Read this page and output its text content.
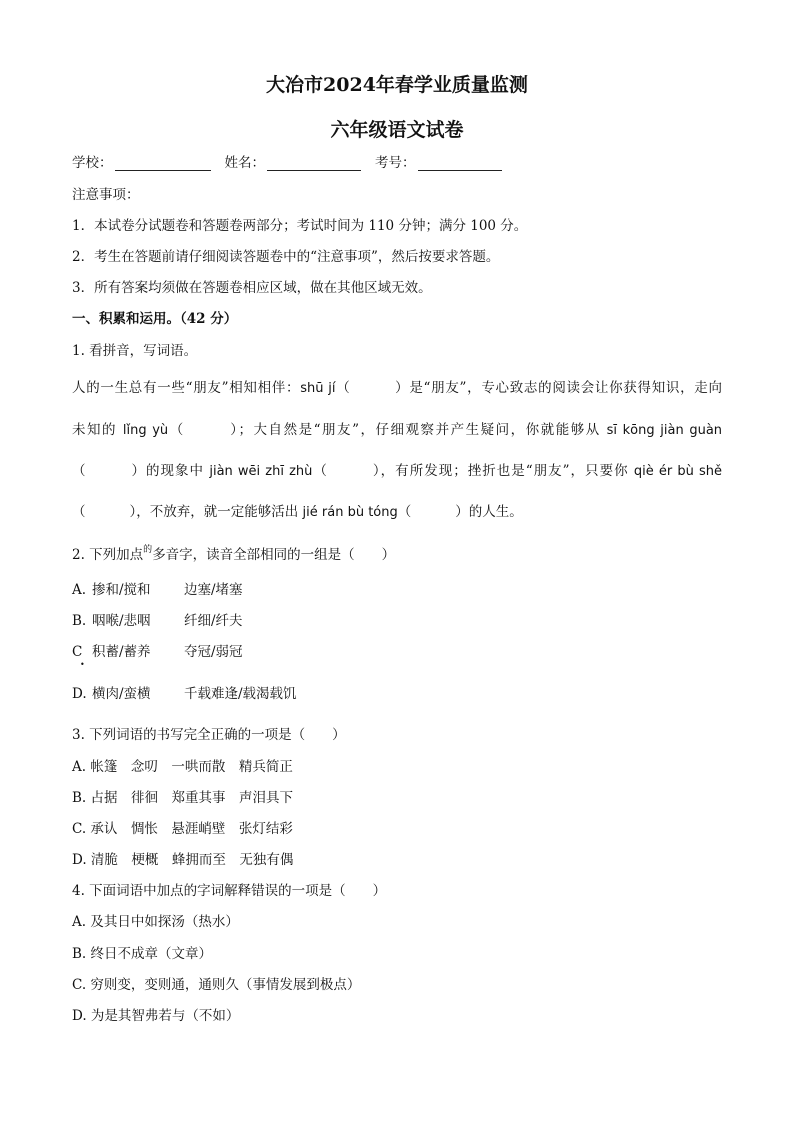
大冶市2024年春学业质量监测
六年级语文试卷
学校：	姓名：	考号：
注意事项：
1．本试卷分试题卷和答题卷两部分；考试时间为 110 分钟；满分 100 分。
2．考生在答题前请仔细阅读答题卷中的“注意事项”，然后按要求答题。
3．所有答案均须做在答题卷相应区域，做在其他区域无效。
一、积累和运用。（42 分）
1. 看拼音，写词语。
人的一生总有一些“朋友”相知相伴：shū jí（	）是“朋友”，专心致志的阅读会让你获得知识，走向
未知的 lǐng yù（	）；大自然是“朋友”，仔细观察并产生疑问，你就能够从 sī kōng jiàn guàn
（	）的现象中 jiàn wēi zhī zhù（	），有所发现；挫折也是“朋友”，只要你 qiè ér bù shě
（	），不放弃，就一定能够活出 jié rán bù tóng（	）的人生。
2. 下列加点$^的$多音字，读音全部相同的一组是（　　）
A. 掺和/搅和 边塞/堵塞
B. 咽喉/悲咽 纤细/纤夫
C 积蓄/蓄养 夺冠/弱冠
•
D. 横肉/蛮横 千载难逢/载渴载饥
3. 下列词语的书写完全正确的一项是（　　）
A. 帐篷　念叨　一哄而散　精兵简正
B. 占据　徘徊　郑重其事　声泪具下
C. 承认　惆怅　悬涯峭壁　张灯结彩
D. 清脆　梗概　蜂拥而至　无独有偶
4. 下面词语中加点的字词解释错误的一项是（　　）
A. 及其日中如探汤（热水）
B. 终日不成章（文章）
C. 穷则变，变则通，通则久（事情发展到极点）
D. 为是其智弗若与（不如）
